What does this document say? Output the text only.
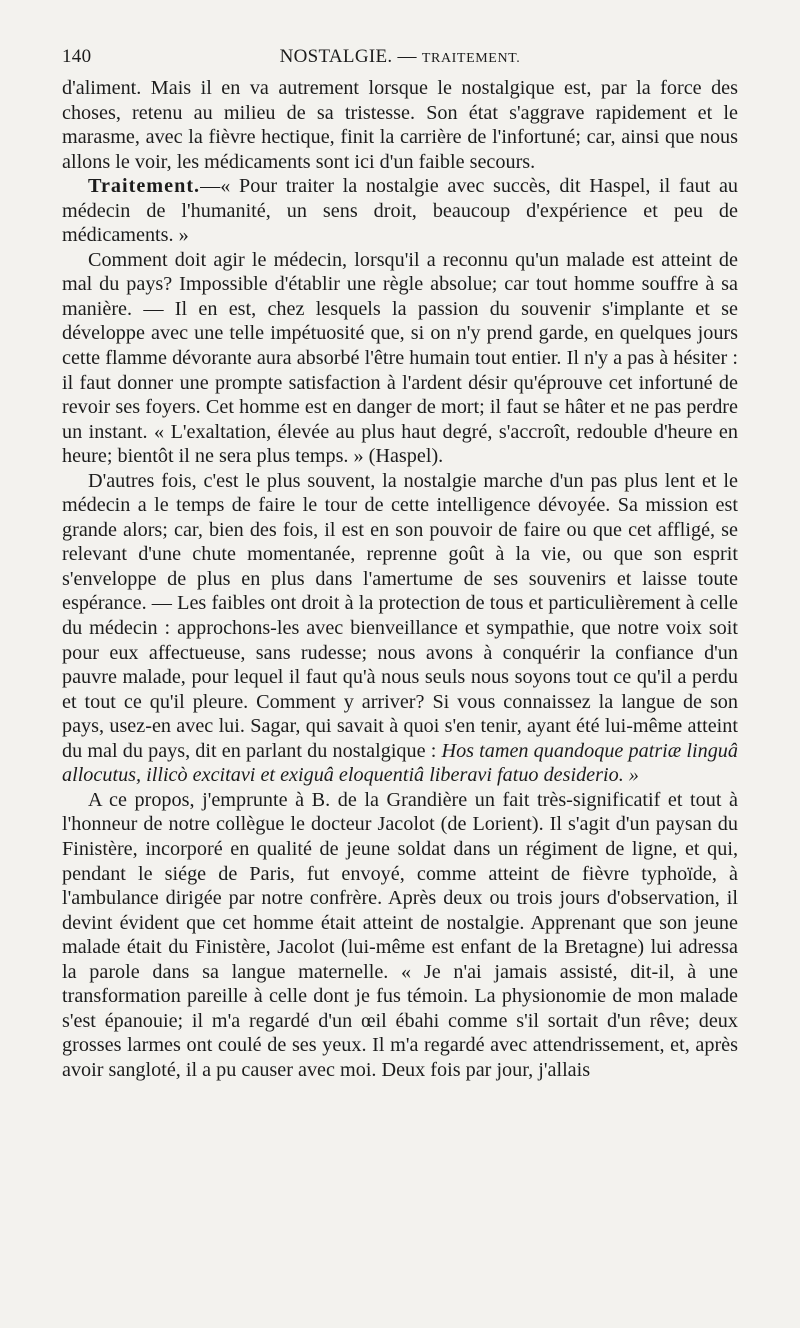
140	NOSTALGIE. — TRAITEMENT.

d'aliment. Mais il en va autrement lorsque le nostalgique est, par la force des choses, retenu au milieu de sa tristesse. Son état s'aggrave rapidement et le marasme, avec la fièvre hectique, finit la carrière de l'infortuné; car, ainsi que nous allons le voir, les médicaments sont ici d'un faible secours.

Traitement.—« Pour traiter la nostalgie avec succès, dit Haspel, il faut au médecin de l'humanité, un sens droit, beaucoup d'expérience et peu de médicaments. »

Comment doit agir le médecin, lorsqu'il a reconnu qu'un malade est atteint de mal du pays? Impossible d'établir une règle absolue; car tout homme souffre à sa manière. — Il en est, chez lesquels la passion du souvenir s'implante et se développe avec une telle impétuosité que, si on n'y prend garde, en quelques jours cette flamme dévorante aura absorbé l'être humain tout entier. Il n'y a pas à hésiter : il faut donner une prompte satisfaction à l'ardent désir qu'éprouve cet infortuné de revoir ses foyers. Cet homme est en danger de mort; il faut se hâter et ne pas perdre un instant. « L'exaltation, élevée au plus haut degré, s'accroît, redouble d'heure en heure; bientôt il ne sera plus temps. » (Haspel).

D'autres fois, c'est le plus souvent, la nostalgie marche d'un pas plus lent et le médecin a le temps de faire le tour de cette intelligence dévoyée. Sa mission est grande alors; car, bien des fois, il est en son pouvoir de faire ou que cet affligé, se relevant d'une chute momentanée, reprenne goût à la vie, ou que son esprit s'enveloppe de plus en plus dans l'amertume de ses souvenirs et laisse toute espérance. — Les faibles ont droit à la protection de tous et particulièrement à celle du médecin : approchons-les avec bienveillance et sympathie, que notre voix soit pour eux affectueuse, sans rudesse; nous avons à conquérir la confiance d'un pauvre malade, pour lequel il faut qu'à nous seuls nous soyons tout ce qu'il a perdu et tout ce qu'il pleure. Comment y arriver? Si vous connaissez la langue de son pays, usez-en avec lui. Sagar, qui savait à quoi s'en tenir, ayant été lui-même atteint du mal du pays, dit en parlant du nostalgique : Hos tamen quandoque patriæ linguâ allocutus, illicò excitavi et exiguâ eloquentiâ liberavi fatuo desiderio. »

A ce propos, j'emprunte à B. de la Grandière un fait très-significatif et tout à l'honneur de notre collègue le docteur Jacolot (de Lorient). Il s'agit d'un paysan du Finistère, incorporé en qualité de jeune soldat dans un régiment de ligne, et qui, pendant le siége de Paris, fut envoyé, comme atteint de fièvre typhoïde, à l'ambulance dirigée par notre confrère. Après deux ou trois jours d'observation, il devint évident que cet homme était atteint de nostalgie. Apprenant que son jeune malade était du Finistère, Jacolot (lui-même est enfant de la Bretagne) lui adressa la parole dans sa langue maternelle. « Je n'ai jamais assisté, dit-il, à une transformation pareille à celle dont je fus témoin. La physionomie de mon malade s'est épanouie; il m'a regardé d'un œil ébahi comme s'il sortait d'un rêve; deux grosses larmes ont coulé de ses yeux. Il m'a regardé avec attendrissement, et, après avoir sangloté, il a pu causer avec moi. Deux fois par jour, j'allais
